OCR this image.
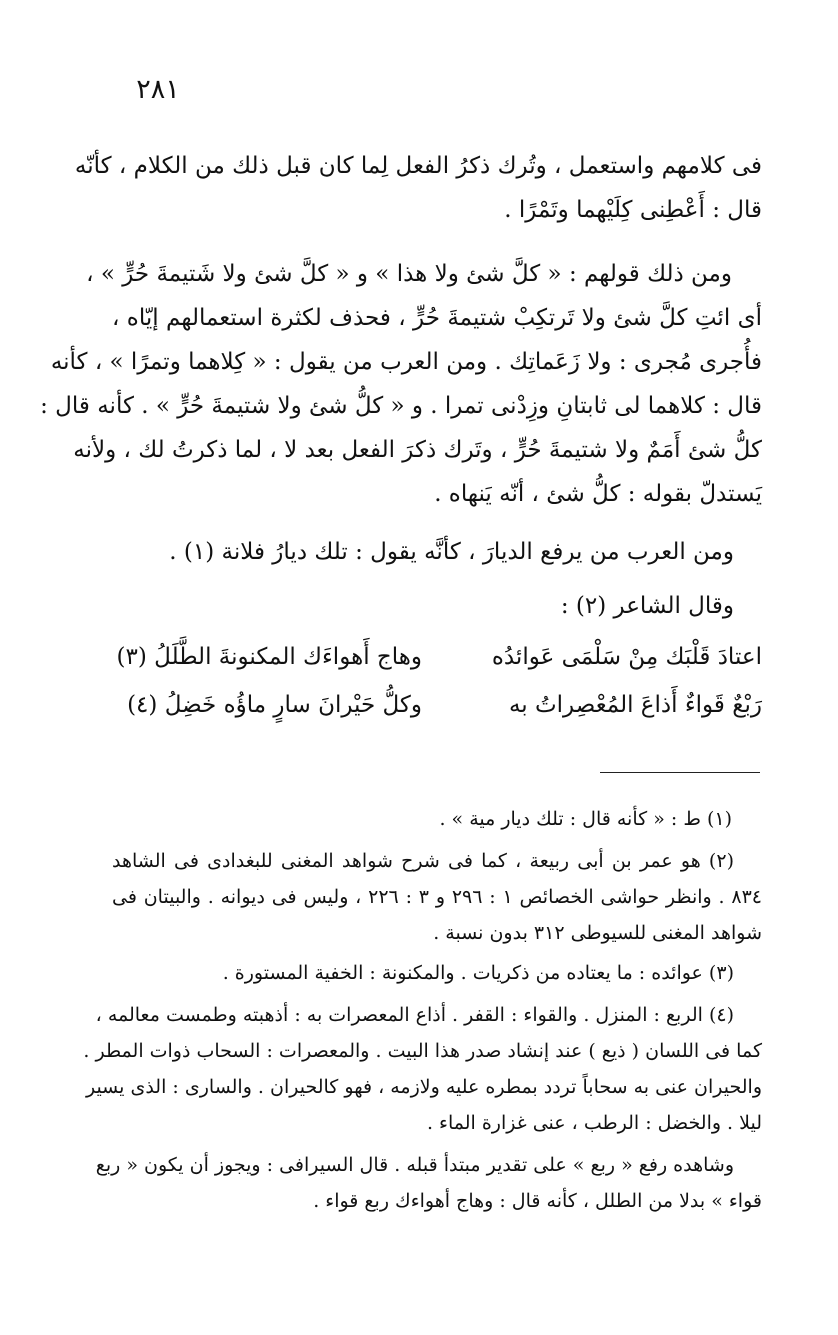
٢٨١
فى كلامهم واستعمل ، وتُرك ذكرُ الفعل لِما كان قبل ذلك من الكلام ، كأنّه
قال : أَعْطِنى كِلَيْهما وتَمْرًا .
ومن ذلك قولهم : « كلَّ شئ ولا هذا » و « كلَّ شئ ولا شَتيمةَ حُرٍّ » ،
أى ائتِ كلَّ شئ ولا تَرتكِبْ شتيمةَ حُرٍّ ، فحذف لكثرة استعمالهم إيّاه ،
فأُجرى مُجرى : ولا زَعَماتِك . ومن العرب من يقول : « كِلاهما وتمرًا » ، كأنه
قال : كلاهما لى ثابتانِ وزِدْنى تمرا . و « كلُّ شئ ولا شتيمةَ حُرٍّ » . كأنه قال :
كلُّ شئ أَمَمٌ ولا شتيمةَ حُرٍّ ، وتَرك ذكرَ الفعل بعد لا ، لما ذكرتُ لك ، ولأنه
يَستدلّ بقوله : كلُّ شئ ، أنّه يَنهاه .
ومن العرب من يرفع الديارَ ، كأنَّه يقول : تلك ديارُ فلانة (١) .
وقال الشاعر (٢) :
اعتادَ قَلْبَك مِنْ سَلْمَى عَوائدُه
وهاج أَهواءَك المكنونةَ الطَّلَلُ (٣)
رَبْعٌ قَواءٌ أَذاعَ المُعْصِراتُ به
وكلُّ حَيْرانَ سارٍ ماؤُه خَضِلُ (٤)
(١) ط : « كأنه قال : تلك ديار مية » .
(٢) هو عمر بن أبى ربيعة ، كما فى شرح شواهد المغنى للبغدادى فى الشاهد
٨٣٤ . وانظر حواشى الخصائص ١ : ٢٩٦ و ٣ : ٢٢٦ ، وليس فى ديوانه . والبيتان فى
شواهد المغنى للسيوطى ٣١٢ بدون نسبة .
(٣) عوائده : ما يعتاده من ذكريات . والمكنونة : الخفية المستورة .
(٤) الربع : المنزل . والقواء : القفر . أذاع المعصرات به : أذهبته وطمست معالمه ،
كما فى اللسان ( ذيع ) عند إنشاد صدر هذا البيت . والمعصرات : السحاب ذوات المطر .
والحيران عنى به سحاباً تردد بمطره عليه ولازمه ، فهو كالحيران . والسارى : الذى يسير
ليلا . والخضل : الرطب ، عنى غزارة الماء .
وشاهده رفع « ربع » على تقدير مبتدأ قبله . قال السيرافى : ويجوز أن يكون « ربع
قواء » بدلا من الطلل ، كأنه قال : وهاج أهواءك ربع قواء .
